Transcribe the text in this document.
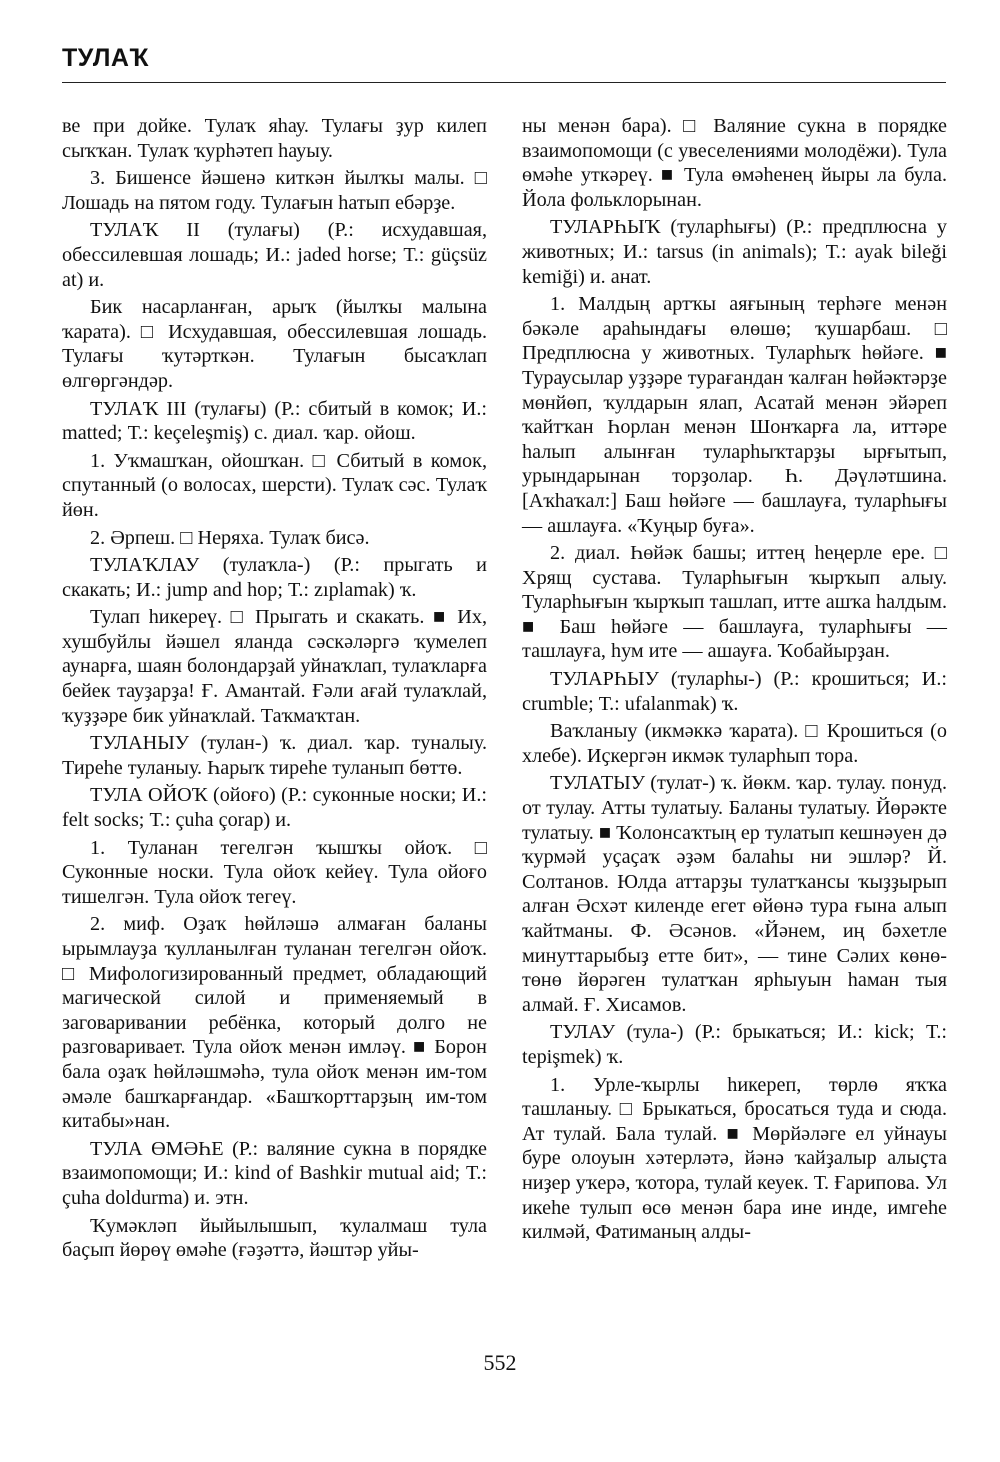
ТУЛАҠ

ве при дойке. Тулаҡ яһау. Тулағы ҙур килеп сыҡҡан. Тулаҡ ҡурһәтеп һауыу.

3. Бишенсе йәшенә киткән йылҡы малы. □ Лошадь на пятом году. Тулағын һатып ебәрҙе.

ТУЛАҠ II (тулағы) (Р.: исхудавшая, обессилевшая лошадь; И.: jaded horse; Т.: güçsüz at) и.

Бик насарланған, арыҡ (йылҡы малына ҡарата). □ Исхудавшая, обессилевшая лошадь. Тулағы ҡутәрткән. Тулағын бысаҡлап өлгөргәндәр.

ТУЛАҠ III (тулағы) (Р.: сбитый в комок; И.: matted; Т.: keçeleşmiş) с. диал. ҡар. ойош.

1. Уҡмашҡан, ойошҡан. □ Сбитый в комок, спутанный (о волосах, шерсти). Тулаҡ сәс. Тулаҡ йөн.

2. Әрпеш. □ Неряха. Тулаҡ бисә.

ТУЛАҠЛАУ (тулаҡла-) (Р.: прыгать и скакать; И.: jump and hop; Т.: zıplamak) ҡ.

Тулап һикереү. □ Прыгать и скакать. ■ Их, хушбуйлы йәшел яланда сәскәләргә ҡумелеп аунарға, шаян болондарҙай уйнаҡлап, тулаҡларға бейек тауҙарҙа! Ғ. Амантай. Ғәли ағай тулаҡлай, ҡуҙҙәре бик уйнаҡлай. Таҡмаҡтан.

ТУЛАНЫУ (тулан-) ҡ. диал. ҡар. туналыу. Тиреһе туланыу. Һарыҡ тиреһе туланып бөттө.

ТУЛА ОЙОҠ (ойоғо) (Р.: суконные носки; И.: felt socks; Т.: çuha çorap) и.

1. Туланан тегелгән ҡышҡы ойоҡ. □ Суконные носки. Тула ойоҡ кейеү. Тула ойоғо тишелгән. Тула ойоҡ тегеү.

2. миф. Оҙаҡ һөйләшә алмаған баланы ырымлауҙа ҡулланылған туланан тегелгән ойоҡ. □ Мифологизированный предмет, обладающий магической силой и применяемый в заговаривании ребёнка, который долго не разговаривает. Тула ойоҡ менән имләү. ■ Борон бала оҙаҡ һөйләшмәһә, тула ойоҡ менән им-том әмәле башҡарғандар. «Башҡорттарҙың им-том китабы»нан.

ТУЛА ӨМӘҺЕ (Р.: валяние сукна в порядке взаимопомощи; И.: kind of Bashkir mutual aid; Т.: çuha doldurma) и. этн.

Ҡумәкләп йыйылышып, ҡулалмаш тула баҫып йөрөү өмәһе (ғәҙәттә, йәштәр уйы-

ны менән бара). □ Валяние сукна в порядке взаимопомощи (с увеселениями молодёжи). Тула өмәһе уткәреү. ■ Тула өмәһенең йыры ла була. Йола фольклорынан.

ТУЛАРҺЫҠ (туларһығы) (Р.: предплюсна у животных; И.: tarsus (in animals); Т.: ayak bileği kemiği) и. анат.

1. Малдың артҡы аяғының терһәге менән бәкәле араһындағы өлөшө; ҡушарбаш. □ Предплюсна у животных. Туларһыҡ һөйәге. ■ Тураусылар уҙҙәре турағандан ҡалған һөйәктәрҙе мөнйөп, ҡулдарын ялап, Асатай менән эйәреп ҡайтҡан Һорлан менән Шонҡарға ла, иттәре һалып алынған туларһыҡтарҙы ырғытып, урындарынан торҙолар. Һ. Дәүләтшина. [Аҡһаҡал:] Баш һөйәге — башлауға, туларһығы — ашлауға. «Ҡуңыр буға».

2. диал. Һөйәк башы; иттең һеңерле ере. □ Хрящ сустава. Туларһығын ҡырҡып алыу. Туларһығын ҡырҡып ташлап, итте ашҡа һалдым. ■ Баш һөйәге — башлауға, туларһығы — ташлауға, һум ите — ашауға. Ҡобайырҙан.

ТУЛАРҺЫУ (туларһы-) (Р.: крошиться; И.: crumble; Т.: ufalanmak) ҡ.

Ваҡланыу (икмәккә ҡарата). □ Крошиться (о хлебе). Иҫкергән икмәк туларһып тора.

ТУЛАТЫУ (тулат-) ҡ. йөкм. ҡар. тулау. понуд. от тулау. Атты тулатыу. Баланы тулатыу. Йөрәкте тулатыу. ■ Ҡолонсаҡтың ер тулатып кешнәуен дә ҡурмәй уҫаҫаҡ әҙәм балаһы ни эшләр? Й. Солтанов. Юлда аттарҙы тулатҡансы ҡыҙҙырып алған Әсхәт киленде егет өйөнә тура ғына алып ҡайтманы. Ф. Әсәнов. «Йәнем, иң бәхетле минуттарыбыҙ етте бит», — тине Сәлих көнө-төнө йөрәген тулатҡан ярһыуын һаман тыя алмай. Ғ. Хисамов.

ТУЛАУ (тула-) (Р.: брыкаться; И.: kick; Т.: tepişmek) ҡ.

1. Урле-ҡырлы һикереп, төрлө яҡҡа ташланыу. □ Брыкаться, бросаться туда и сюда. Ат тулай. Бала тулай. ■ Мөрйәләге ел уйнауы буре олоуын хәтерләтә, йәнә ҡайҙалыр алыҫта ниҙер уҡерә, ҡотора, тулай кеуек. Т. Ғарипова. Ул икеһе тулып өсө менән бара ине инде, имгеһе килмәй, Фатиманың алды-

552
